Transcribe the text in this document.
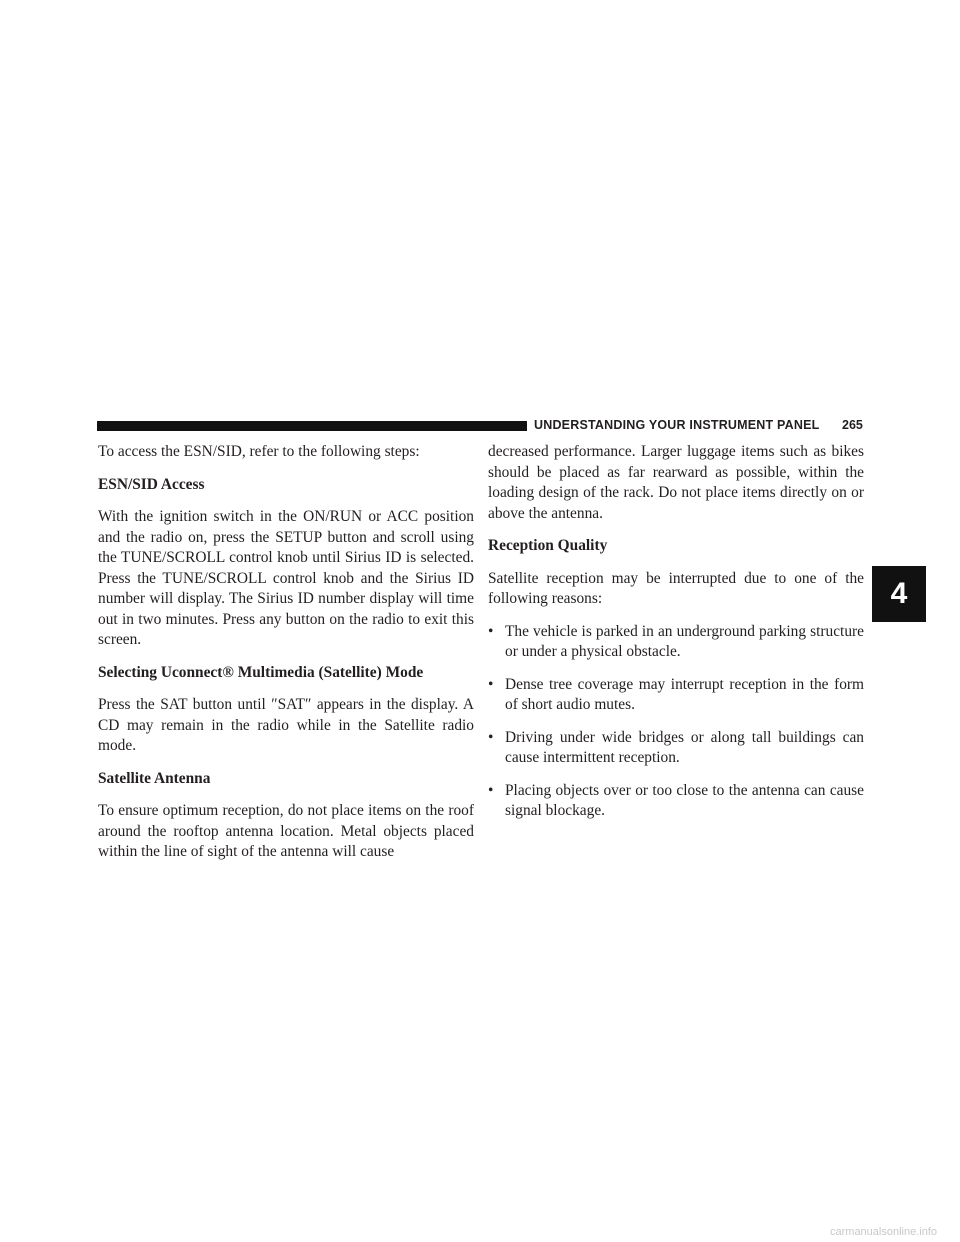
UNDERSTANDING YOUR INSTRUMENT PANEL 265

To access the ESN/SID, refer to the following steps:

ESN/SID Access

With the ignition switch in the ON/RUN or ACC position and the radio on, press the SETUP button and scroll using the TUNE/SCROLL control knob until Sirius ID is selected. Press the TUNE/SCROLL control knob and the Sirius ID number will display. The Sirius ID number display will time out in two minutes. Press any button on the radio to exit this screen.

Selecting Uconnect® Multimedia (Satellite) Mode

Press the SAT button until ″SAT″ appears in the display. A CD may remain in the radio while in the Satellite radio mode.

Satellite Antenna

To ensure optimum reception, do not place items on the roof around the rooftop antenna location. Metal objects placed within the line of sight of the antenna will cause

decreased performance. Larger luggage items such as bikes should be placed as far rearward as possible, within the loading design of the rack. Do not place items directly on or above the antenna.

Reception Quality

Satellite reception may be interrupted due to one of the following reasons:

• The vehicle is parked in an underground parking structure or under a physical obstacle.
• Dense tree coverage may interrupt reception in the form of short audio mutes.
• Driving under wide bridges or along tall buildings can cause intermittent reception.
• Placing objects over or too close to the antenna can cause signal blockage.
4
carmanualsonline.info
